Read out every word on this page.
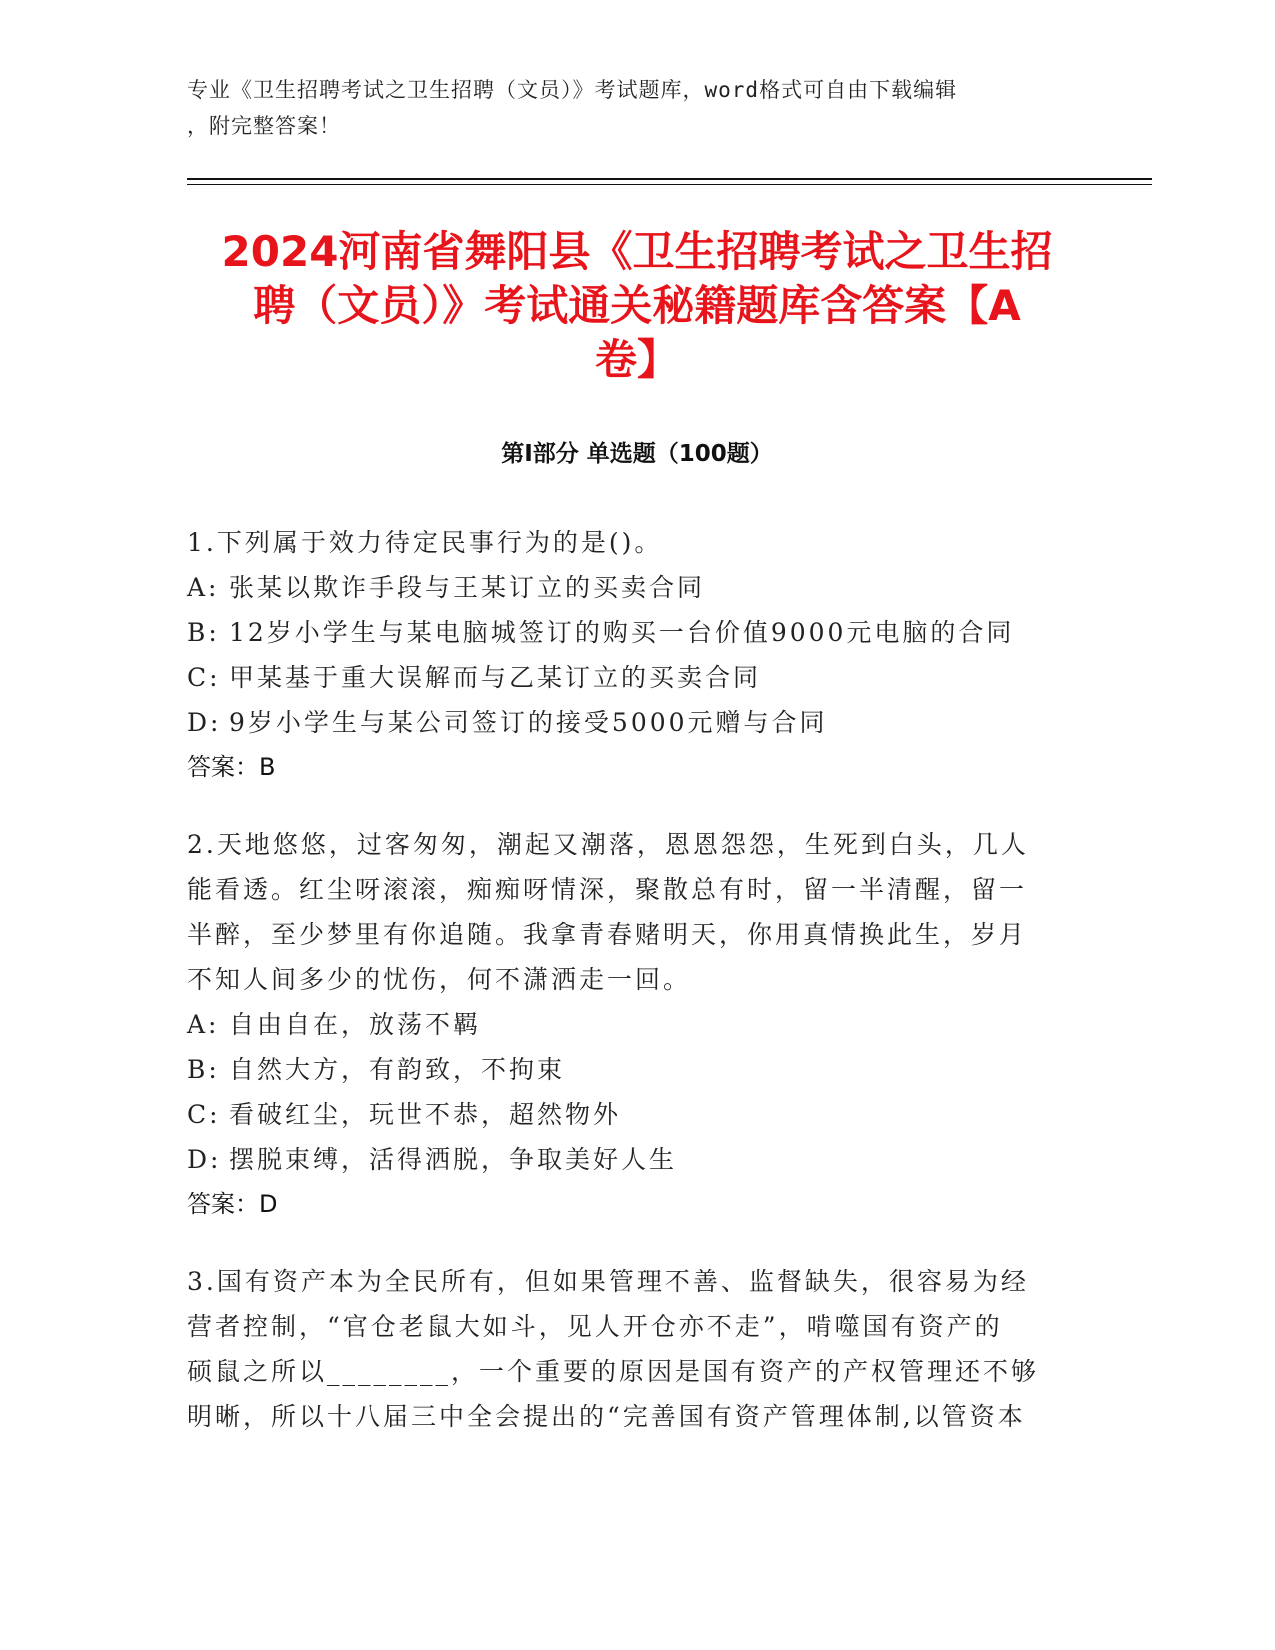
专业《卫生招聘考试之卫生招聘（文员）》考试题库，word格式可自由下载编辑
，附完整答案！
2024河南省舞阳县《卫生招聘考试之卫生招
聘（文员）》考试通关秘籍题库含答案【A
卷】
第Ⅰ部分 单选题（100题）
1.下列属于效力待定民事行为的是()。
A: 张某以欺诈手段与王某订立的买卖合同
B: 12岁小学生与某电脑城签订的购买一台价值9000元电脑的合同
C: 甲某基于重大误解而与乙某订立的买卖合同
D: 9岁小学生与某公司签订的接受5000元赠与合同
答案：B
2.天地悠悠，过客匆匆，潮起又潮落，恩恩怨怨，生死到白头，几人
能看透。红尘呀滚滚，痴痴呀情深，聚散总有时，留一半清醒，留一
半醉，至少梦里有你追随。我拿青春赌明天，你用真情换此生，岁月
不知人间多少的忧伤，何不潇洒走一回。
A: 自由自在，放荡不羁
B: 自然大方，有韵致，不拘束
C: 看破红尘，玩世不恭，超然物外
D: 摆脱束缚，活得洒脱，争取美好人生
答案：D
3.国有资产本为全民所有，但如果管理不善、监督缺失，很容易为经
营者控制，“官仓老鼠大如斗，见人开仓亦不走”，啃噬国有资产的
硕鼠之所以________，一个重要的原因是国有资产的产权管理还不够
明晰，所以十八届三中全会提出的“完善国有资产管理体制,以管资本
